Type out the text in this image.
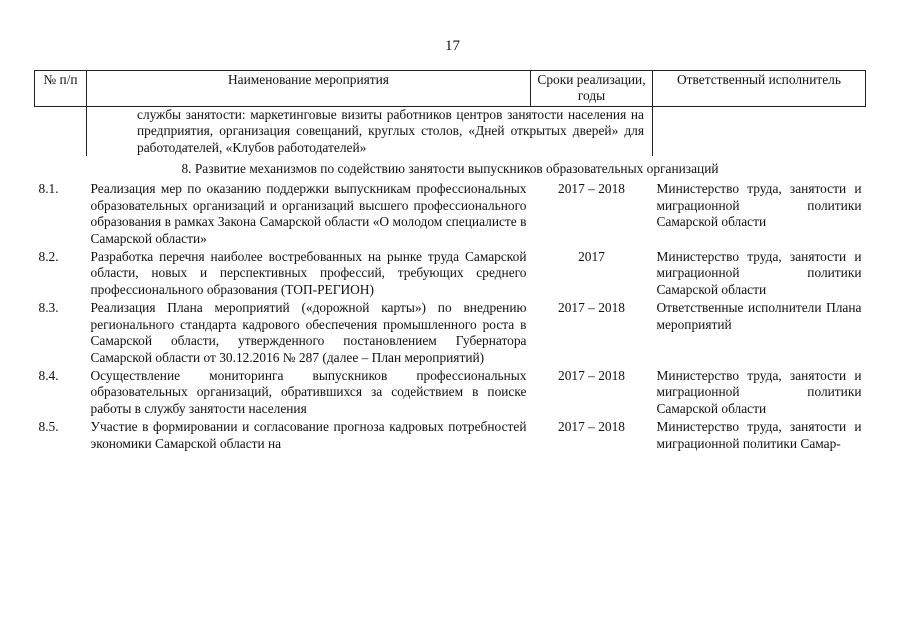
17
№ п/п	Наименование мероприятия	Сроки реализации, годы	Ответственный исполнитель
	службы занятости: маркетинговые визиты работников центров занятости населения на предприятия, организация совещаний, круглых столов, «Дней открытых дверей» для работодателей, «Клубов работодателей»		
8. Развитие механизмов по содействию занятости выпускников образовательных организаций			
8.1.	Реализация мер по оказанию поддержки выпускникам профессиональных образовательных организаций и организаций высшего профессионального образования в рамках Закона Самарской области «О молодом специалисте в Самарской области»	2017 – 2018	Министерство труда, занятости и миграционной политики Самарской области
8.2.	Разработка перечня наиболее востребованных на рынке труда Самарской области, новых и перспективных профессий, требующих среднего профессионального образования (ТОП-РЕГИОН)	2017	Министерство труда, занятости и миграционной политики Самарской области
8.3.	Реализация Плана мероприятий («дорожной карты») по внедрению регионального стандарта кадрового обеспечения промышленного роста в Самарской области, утвержденного постановлением Губернатора Самарской области от 30.12.2016 № 287 (далее – План мероприятий)	2017 – 2018	Ответственные исполнители Плана мероприятий
8.4.	Осуществление мониторинга выпускников профессиональных образовательных организаций, обратившихся за содействием в поиске работы в службу занятости населения	2017 – 2018	Министерство труда, занятости и миграционной политики Самарской области
8.5.	Участие в формировании и согласование прогноза кадровых потребностей экономики Самарской области на	2017 – 2018	Министерство труда, занятости и миграционной политики Самар-
